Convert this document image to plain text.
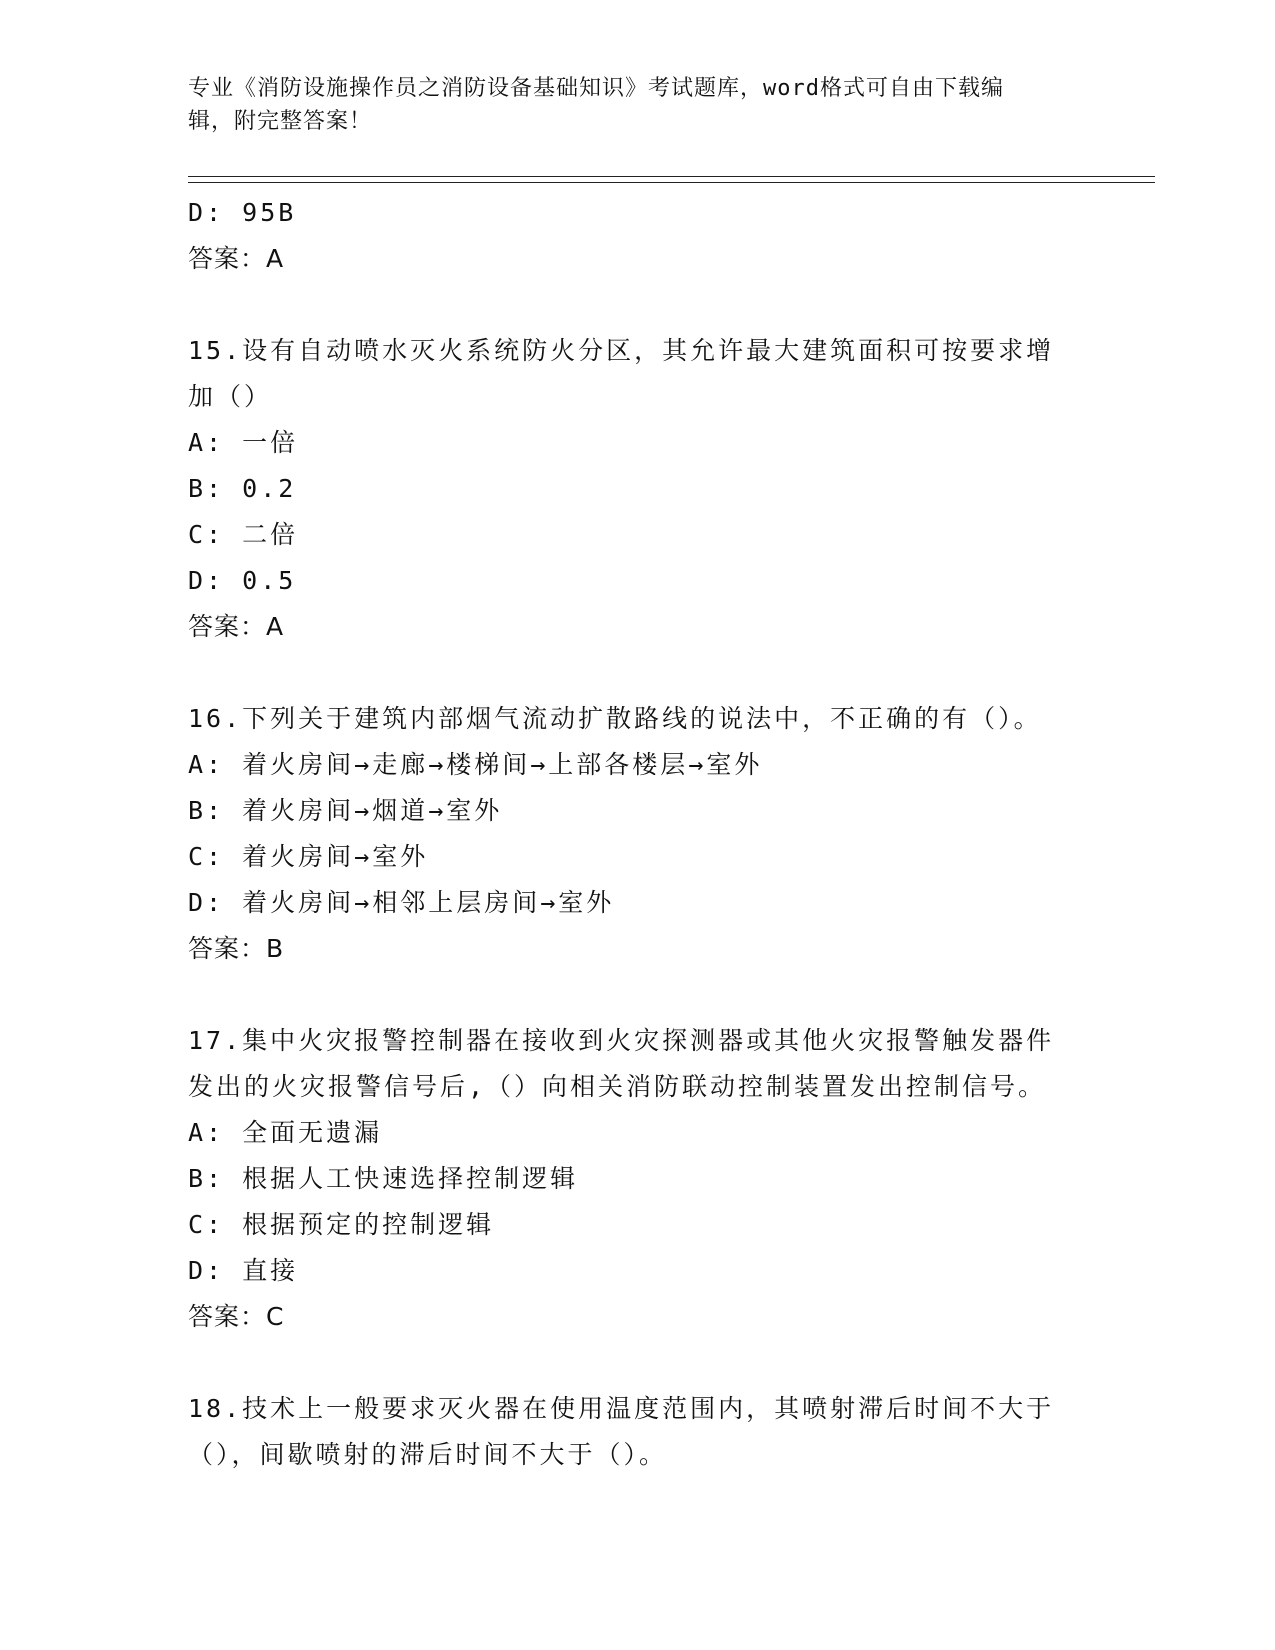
专业《消防设施操作员之消防设备基础知识》考试题库，word格式可自由下载编
辑，附完整答案！
D: 95B
答案：A
15.设有自动喷水灭火系统防火分区，其允许最大建筑面积可按要求增
加（）
A: 一倍
B: 0.2
C: 二倍
D: 0.5
答案：A
16.下列关于建筑内部烟气流动扩散路线的说法中，不正确的有（）。
A: 着火房间→走廊→楼梯间→上部各楼层→室外
B: 着火房间→烟道→室外
C: 着火房间→室外
D: 着火房间→相邻上层房间→室外
答案：B
17.集中火灾报警控制器在接收到火灾探测器或其他火灾报警触发器件
发出的火灾报警信号后,（）向相关消防联动控制装置发出控制信号。
A: 全面无遗漏
B: 根据人工快速选择控制逻辑
C: 根据预定的控制逻辑
D: 直接
答案：C
18.技术上一般要求灭火器在使用温度范围内，其喷射滞后时间不大于
（），间歇喷射的滞后时间不大于（）。
